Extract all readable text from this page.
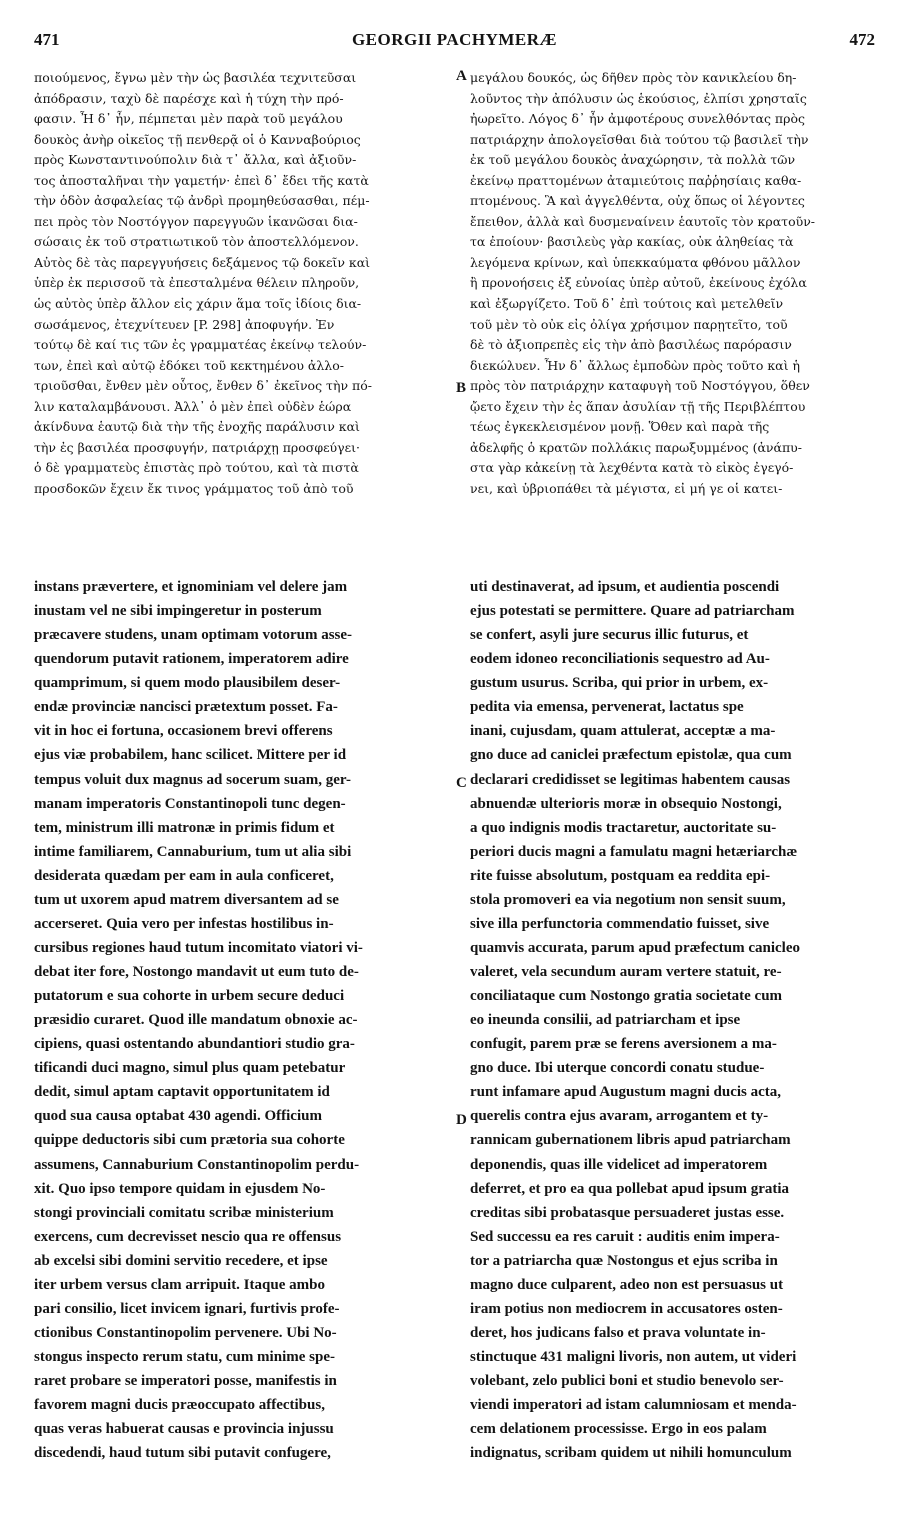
471	GEORGII PACHYMERÆ	472
ποιούμενος, ἔγνω μὲν τὴν ὡς βασιλέα τεχνιτεῦσαι
ἀπόδρασιν, ταχὺ δὲ παρέσχε καὶ ἡ τύχη τὴν πρό-
φασιν. Ἦ δ᾽ ἦν, πέμπεται μὲν παρὰ τοῦ μεγάλου
δουκὸς ἀνὴρ οἰκεῖος τῇ πενθερᾷ οἱ ὁ Κανναβούριος
πρὸς Κωνσταντινούπολιν διὰ τ᾽ ἄλλα, καὶ ἀξιοῦν-
τος ἀποσταλῆναι τὴν γαμετήν· ἐπεὶ δ᾽ ἔδει τῆς κατὰ
τὴν ὁδὸν ἀσφαλείας τῷ ἀνδρὶ προμηθεύσασθαι, πέμ-
πει πρὸς τὸν Νοστόγγον παρεγγυῶν ἱκανῶσαι δια-
σώσαις ἐκ τοῦ στρατιωτικοῦ τὸν ἀποστελλόμενον.
Αὐτὸς δὲ τὰς παρεγγυήσεις δεξάμενος τῷ δοκεῖν καὶ
ὑπὲρ ἐκ περισσοῦ τὰ ἐπεσταλμένα θέλειν πληροῦν,
ὡς αὐτὸς ὑπὲρ ἄλλον εἰς χάριν ἅμα τοῖς ἰδίοις δια-
σωσάμενος, ἐτεχνίτευεν [P. 298] ἀποφυγήν. Ἐν
τούτῳ δὲ καί τις τῶν ἐς γραμματέας ἐκείνῳ τελούν-
των, ἐπεὶ καὶ αὐτῷ ἐδόκει τοῦ κεκτημένου ἀλλο-
τριοῦσθαι, ἔνθεν μὲν οὗτος, ἔνθεν δ᾽ ἐκεῖνος τὴν πό-
λιν καταλαμβάνουσι. Ἀλλ᾽ ὁ μὲν ἐπεὶ οὐδὲν ἑώρα
ἀκίνδυνα ἑαυτῷ διὰ τὴν τῆς ἐνοχῆς παράλυσιν καὶ
τὴν ἐς βασιλέα προσφυγήν, πατριάρχῃ προσφεύγει·
ὁ δὲ γραμματεὺς ἐπιστὰς πρὸ τούτου, καὶ τὰ πιστὰ
προσδοκῶν ἔχειν ἔκ τινος γράμματος τοῦ ἀπὸ τοῦ
μεγάλου δουκός, ὡς δῆθεν πρὸς τὸν κανικλείου δη-
λοῦντος τὴν ἀπόλυσιν ὡς ἑκούσιος, ἐλπίσι χρησταῖς
ἠωρεῖτο. Λόγος δ᾽ ἦν ἀμφοτέρους συνελθόντας πρὸς
πατριάρχην ἀπολογεῖσθαι διὰ τούτου τῷ βασιλεῖ τὴν
ἐκ τοῦ μεγάλου δουκὸς ἀναχώρησιν, τὰ πολλὰ τῶν
ἐκείνῳ πραττομένων ἀταμιεύτοις παῤῥησίαις καθα-
πτομένους. Ἃ καὶ ἀγγελθέντα, οὐχ ὅπως οἱ λέγοντες
ἔπειθον, ἀλλὰ καὶ δυσμεναίνειν ἑαυτοῖς τὸν κρατοῦν-
τα ἐποίουν· βασιλεὺς γὰρ κακίας, οὐκ ἀληθείας τὰ
λεγόμενα κρίνων, καὶ ὑπεκκαύματα φθόνου μᾶλλον
ἢ προνοήσεις ἐξ εὐνοίας ὑπὲρ αὐτοῦ, ἐκείνους ἐχόλα
καὶ ἐξωργίζετο. Τοῦ δ᾽ ἐπὶ τούτοις καὶ μετελθεῖν
τοῦ μὲν τὸ οὐκ εἰς ὀλίγα χρήσιμον παρῃτεῖτο, τοῦ
δὲ τὸ ἀξιοπρεπὲς εἰς τὴν ἀπὸ βασιλέως παρόρασιν
διεκώλυεν. Ἦν δ᾽ ἄλλως ἐμποδὼν πρὸς τοῦτο καὶ ἡ
πρὸς τὸν πατριάρχην καταφυγὴ τοῦ Νοστόγγου, ὅθεν
ᾤετο ἔχειν τὴν ἐς ἅπαν ἀσυλίαν τῇ τῆς Περιβλέπτου
τέως ἐγκεκλεισμένον μονῇ. Ὅθεν καὶ παρὰ τῆς
ἀδελφῆς ὁ κρατῶν πολλάκις παρωξυμμένος (ἀνάπυ-
στα γὰρ κἀκείνῃ τὰ λεχθέντα κατὰ τὸ εἰκὸς ἐγεγό-
νει, καὶ ὑβριοπάθει τὰ μέγιστα, εἰ μή γε οἱ κατει-
instans prævertere, et ignominiam vel delere jam
inustam vel ne sibi impingeretur in posterum
præcavere studens, unam optimam votorum asse-
quendorum putavit rationem, imperatorem adire
quamprimum, si quem modo plausibilem deser-
endæ provinciæ nancisci prætextum posset. Fa-
vit in hoc ei fortuna, occasionem brevi offerens
ejus viæ probabilem, hanc scilicet. Mittere per id
tempus voluit dux magnus ad socerum suam, ger-
manam imperatoris Constantinopoli tunc degen-
tem, ministrum illi matronæ in primis fidum et
intime familiarem, Cannaburium, tum ut alia sibi
desiderata quædam per eam in aula conficeret,
tum ut uxorem apud matrem diversantem ad se
accerseret. Quia vero per infestas hostilibus in-
cursibus regiones haud tutum incomitato viatori vi-
debat iter fore, Nostongo mandavit ut eum tuto de-
putatorum e sua cohorte in urbem secure deduci
præsidio curaret. Quod ille mandatum obnoxie ac-
cipiens, quasi ostentando abundantiori studio gra-
tificandi duci magno, simul plus quam petebatur
dedit, simul aptam captavit opportunitatem id
quod sua causa optabat 430 agendi. Officium
quippe deductoris sibi cum prætoria sua cohorte
assumens, Cannaburium Constantinopolim perdu-
xit. Quo ipso tempore quidam in ejusdem No-
stongi provinciali comitatu scribæ ministerium
exercens, cum decrevisset nescio qua re offensus
ab excelsi sibi domini servitio recedere, et ipse
iter urbem versus clam arripuit. Itaque ambo
pari consilio, licet invicem ignari, furtivis profe-
ctionibus Constantinopolim pervenere. Ubi No-
stongus inspecto rerum statu, cum minime spe-
raret probare se imperatori posse, manifestis in
favorem magni ducis præoccupato affectibus,
quas veras habuerat causas e provincia injussu
discedendi, haud tutum sibi putavit confugere,
uti destinaverat, ad ipsum, et audientia poscendi
ejus potestati se permittere. Quare ad patriarcham
se confert, asyli jure securus illic futurus, et
eodem idoneo reconciliationis sequestro ad Au-
gustum usurus. Scriba, qui prior in urbem, ex-
pedita via emensa, pervenerat, lactatus spe
inani, cujusdam, quam attulerat, acceptæ a ma-
gno duce ad caniclei præfectum epistolæ, qua cum
declarari credidisset se legitimas habentem causas
abnuendæ ulterioris moræ in obsequio Nostongi,
a quo indignis modis tractaretur, auctoritate su-
periori ducis magni a famulatu magni hetæriarchæ
rite fuisse absolutum, postquam ea reddita epi-
stola promoveri ea via negotium non sensit suum,
sive illa perfunctoria commendatio fuisset, sive
quamvis accurata, parum apud præfectum canicleo
valeret, vela secundum auram vertere statuit, re-
conciliataque cum Nostongo gratia societate cum
eo ineunda consilii, ad patriarcham et ipse
confugit, parem præ se ferens aversionem a ma-
gno duce. Ibi uterque concordi conatu studue-
runt infamare apud Augustum magni ducis acta,
querelis contra ejus avaram, arrogantem et ty-
rannicam gubernationem libris apud patriarcham
deponendis, quas ille videlicet ad imperatorem
deferret, et pro ea qua pollebat apud ipsum gratia
creditas sibi probatasque persuaderet justas esse.
Sed successu ea res caruit : auditis enim impera-
tor a patriarcha quæ Nostongus et ejus scriba in
magno duce culparent, adeo non est persuasus ut
iram potius non mediocrem in accusatores osten-
deret, hos judicans falso et prava voluntate in-
stinctuque 431 maligni livoris, non autem, ut videri
volebant, zelo publici boni et studio benevolo ser-
viendi imperatori ad istam calumniosam et menda-
cem delationem processisse. Ergo in eos palam
indignatus, scribam quidem ut nihili homunculum
A
B
C
D
